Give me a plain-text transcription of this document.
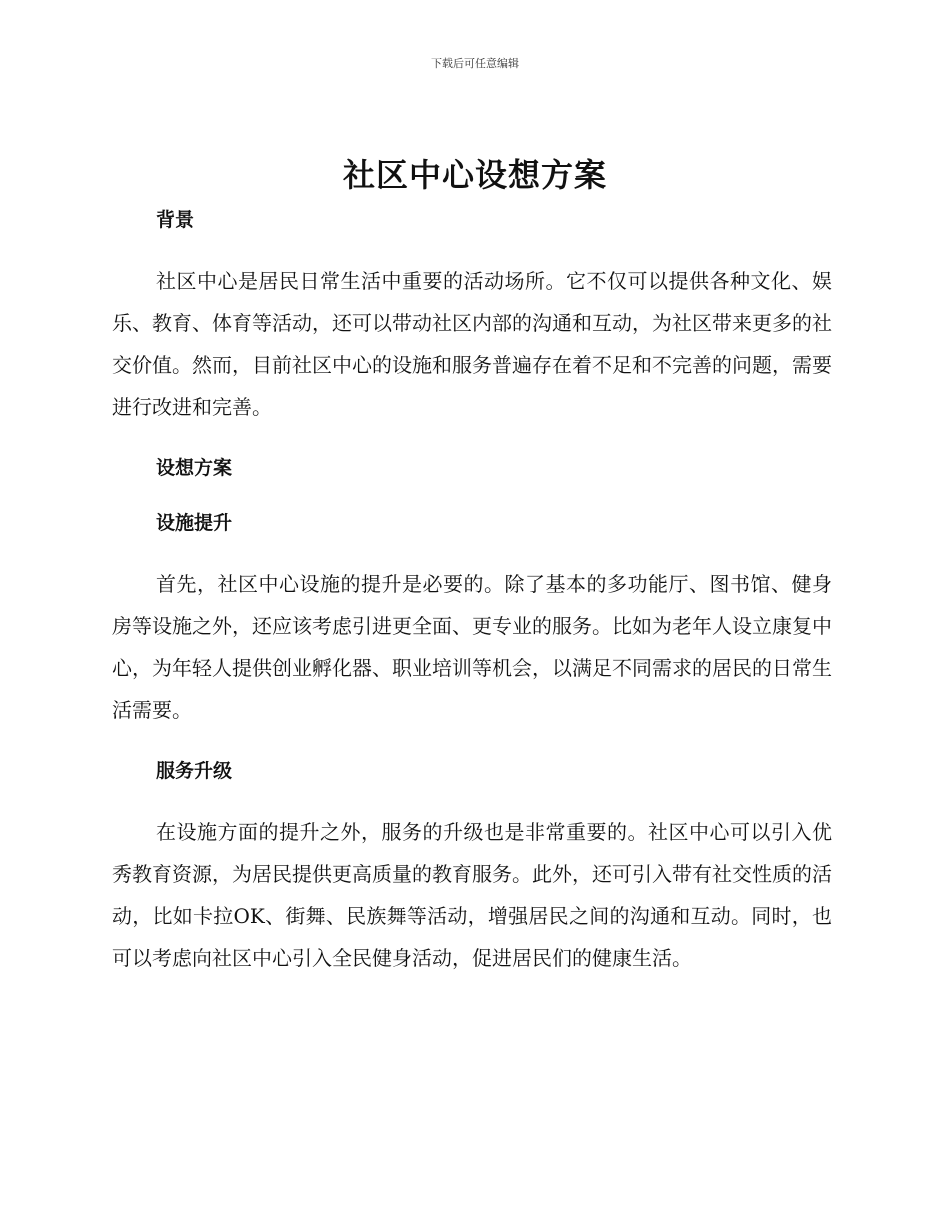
下载后可任意编辑
社区中心设想方案

背景

社区中心是居民日常生活中重要的活动场所。它不仅可以提供各种文化、娱乐、教育、体育等活动，还可以带动社区内部的沟通和互动，为社区带来更多的社交价值。然而，目前社区中心的设施和服务普遍存在着不足和不完善的问题，需要进行改进和完善。

设想方案

设施提升

首先，社区中心设施的提升是必要的。除了基本的多功能厅、图书馆、健身房等设施之外，还应该考虑引进更全面、更专业的服务。比如为老年人设立康复中心，为年轻人提供创业孵化器、职业培训等机会，以满足不同需求的居民的日常生活需要。

服务升级

在设施方面的提升之外，服务的升级也是非常重要的。社区中心可以引入优秀教育资源，为居民提供更高质量的教育服务。此外，还可引入带有社交性质的活动，比如卡拉OK、街舞、民族舞等活动，增强居民之间的沟通和互动。同时，也可以考虑向社区中心引入全民健身活动，促进居民们的健康生活。
